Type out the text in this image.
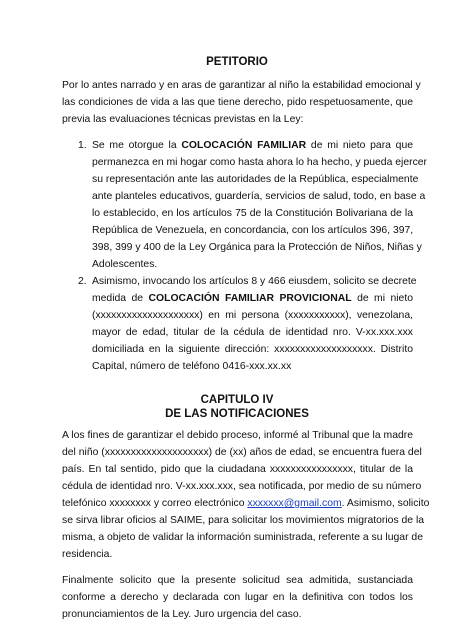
PETITORIO
Por lo antes narrado y en aras de garantizar al niño la estabilidad emocional y
las condiciones de vida a las que tiene derecho, pido respetuosamente, que
previa las evaluaciones técnicas previstas en la Ley:
1. Se me otorgue la COLOCACIÓN FAMILIAR de mi nieto para que
permanezca en mi hogar como hasta ahora lo ha hecho, y pueda ejercer
su representación ante las autoridades de la República, especialmente
ante planteles educativos, guardería, servicios de salud, todo, en base a
lo establecido, en los artículos 75 de la Constitución Bolivariana de la
República de Venezuela, en concordancia, con los artículos 396, 397,
398, 399 y 400 de la Ley Orgánica para la Protección de Niños, Niñas y
Adolescentes.
2. Asimismo, invocando los artículos 8 y 466 eiusdem, solicito se decrete
medida de COLOCACIÓN FAMILIAR PROVICIONAL de mi nieto
(xxxxxxxxxxxxxxxxxxxx) en mi persona (xxxxxxxxxxx), venezolana,
mayor de edad, titular de la cédula de identidad nro. V-xx.xxx.xxx
domiciliada en la siguiente dirección: xxxxxxxxxxxxxxxxxxx. Distrito
Capital, número de teléfono 0416-xxx.xx.xx
CAPITULO IV
DE LAS NOTIFICACIONES
A los fines de garantizar el debido proceso, informé al Tribunal que la madre
del niño (xxxxxxxxxxxxxxxxxxxx) de (xx) años de edad, se encuentra fuera del
país. En tal sentido, pido que la ciudadana xxxxxxxxxxxxxxxx, titular de la
cédula de identidad nro. V-xx.xxx.xxx, sea notificada, por medio de su número
telefónico xxxxxxxx y correo electrónico xxxxxxx@gmail.com. Asimismo, solicito
se sirva librar oficios al SAIME, para solicitar los movimientos migratorios de la
misma, a objeto de validar la información suministrada, referente a su lugar de
residencia.
Finalmente solicito que la presente solicitud sea admitida, sustanciada
conforme a derecho y declarada con lugar en la definitiva con todos los
pronunciamientos de la Ley. Juro urgencia del caso.
